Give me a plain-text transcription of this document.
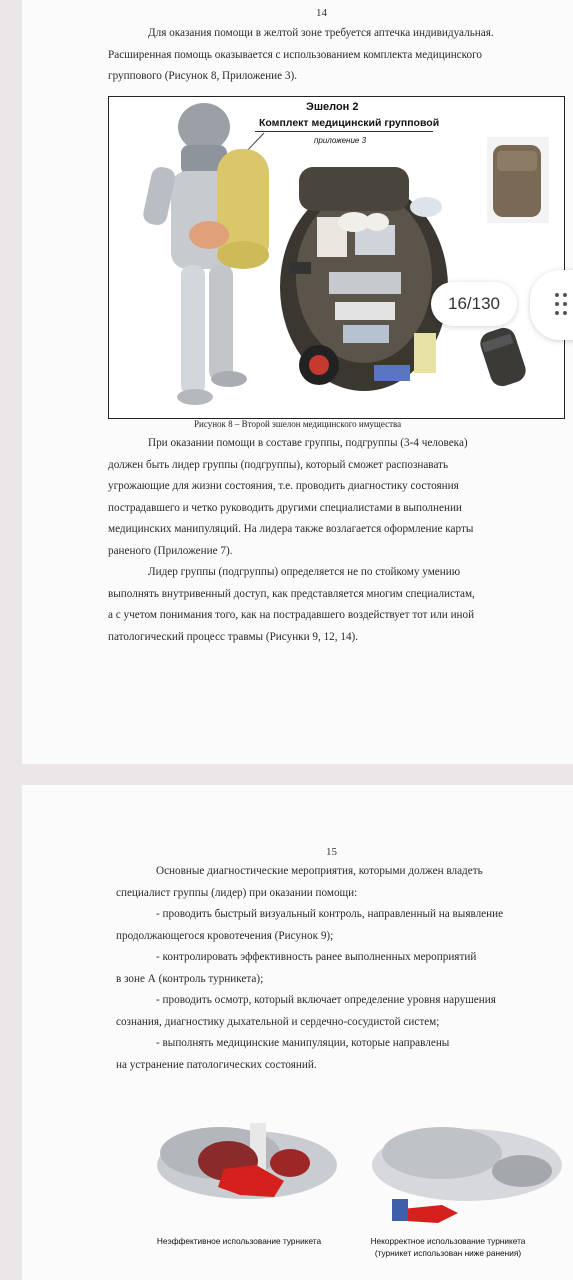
14

Для оказания помощи в желтой зоне требуется аптечка индивидуальная.

Расширенная помощь оказывается с использованием комплекта медицинского

группового (Рисунок 8, Приложение 3).

Эшелон 2
Комплект медицинский групповой
приложение 3
Рисунок 8 – Второй эшелон медицинского имущества

При оказании помощи в составе группы, подгруппы (3-4 человека)

должен быть лидер группы (подгруппы), который сможет распознавать

угрожающие для жизни состояния, т.е. проводить диагностику состояния

пострадавшего и четко руководить другими специалистами в выполнении

медицинских манипуляций. На лидера также возлагается оформление карты

раненого (Приложение 7).

Лидер группы (подгруппы) определяется не по стойкому умению

выполнять внутривенный доступ, как представляется многим специалистам,

а с учетом понимания того, как на пострадавшего воздействует тот или иной

патологический процесс травмы (Рисунки 9, 12, 14).

16/130
15

Основные диагностические мероприятия, которыми должен владеть

специалист группы (лидер) при оказании помощи:

- проводить быстрый визуальный контроль, направленный на выявление

продолжающегося кровотечения (Рисунок 9);

- контролировать эффективность ранее выполненных мероприятий

в зоне А (контроль турникета);

- проводить осмотр, который включает определение уровня нарушения

сознания, диагностику дыхательной и сердечно-сосудистой систем;

- выполнять медицинские манипуляции, которые направлены

на устранение патологических состояний.

Неэффективное использование турникета	Некорректное использование турникета
(турникет использован ниже ранения)
